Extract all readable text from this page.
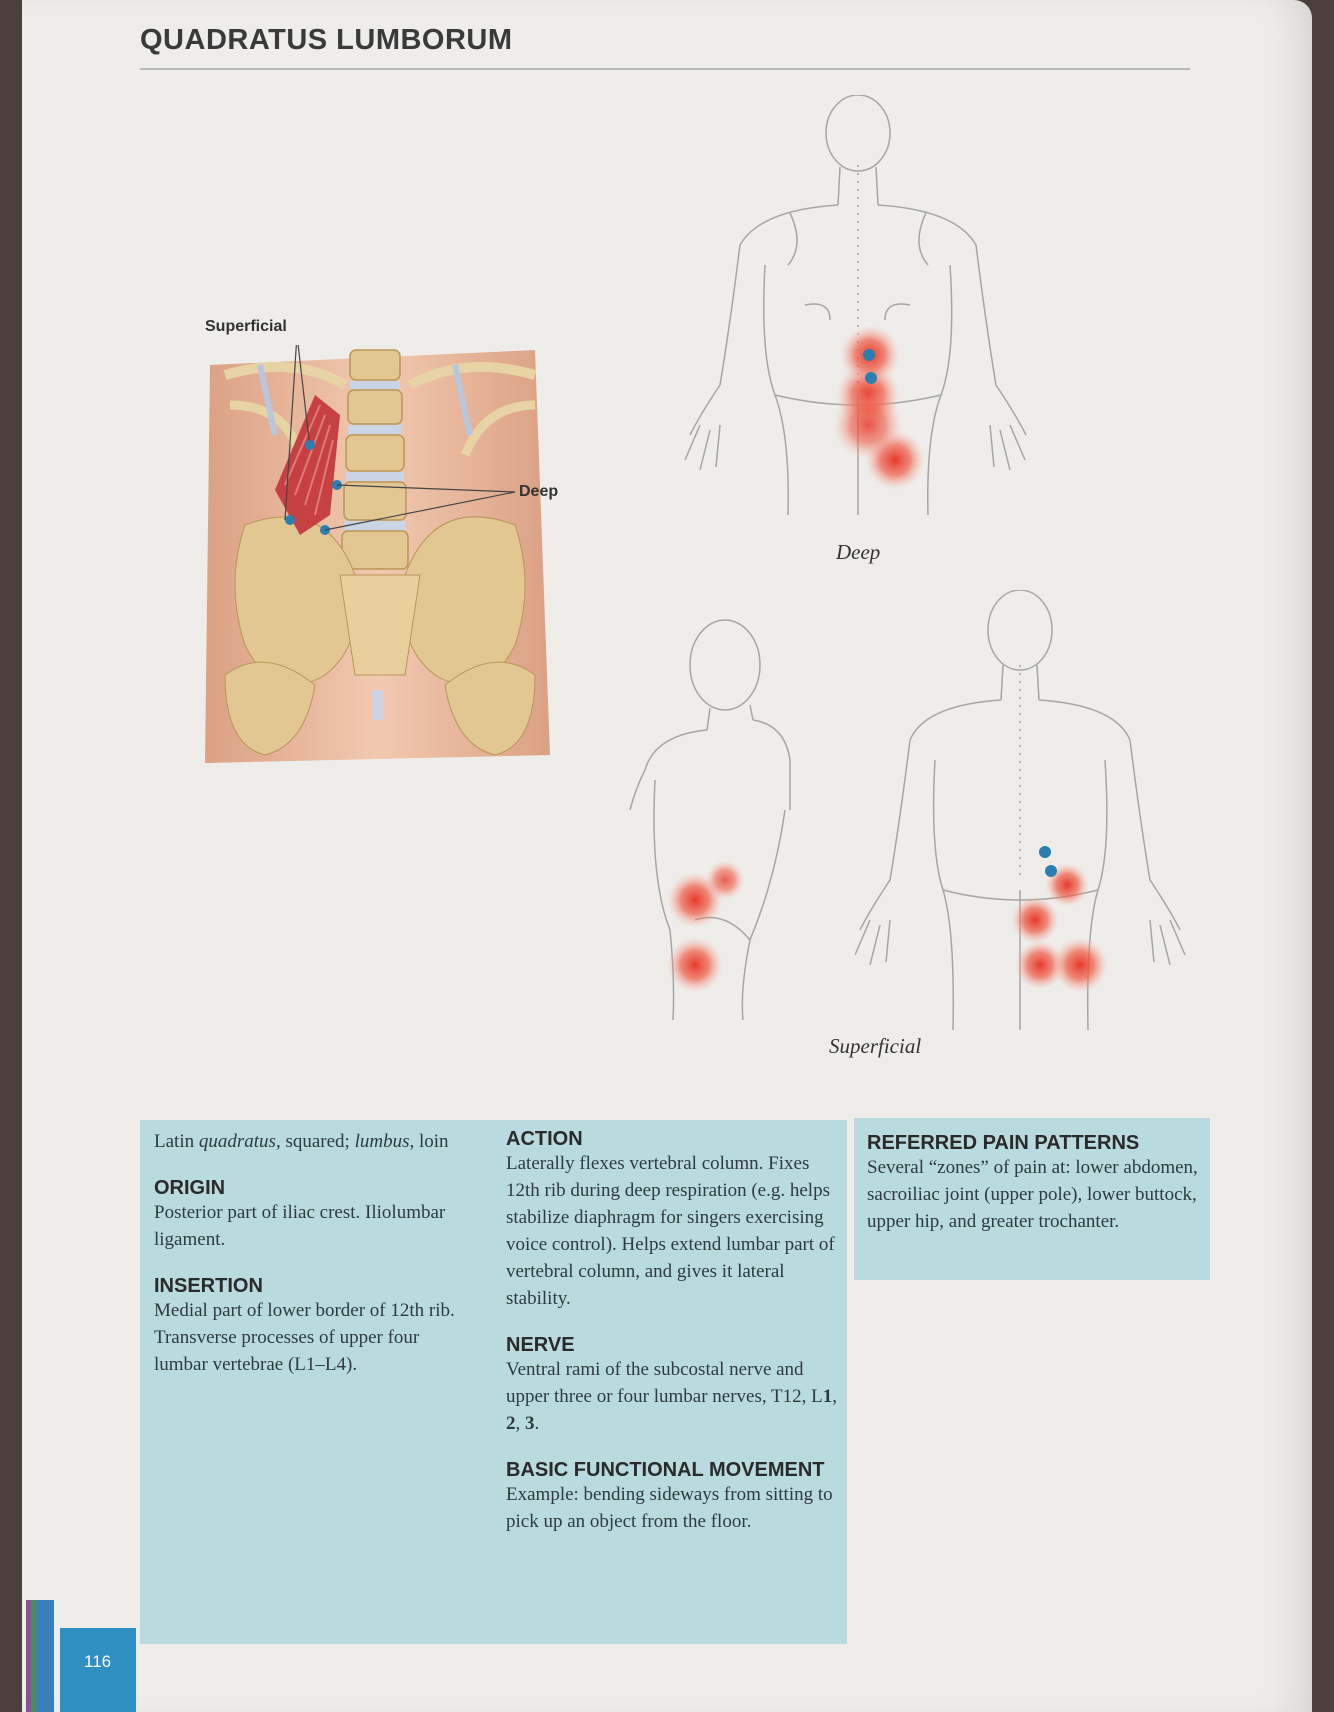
QUADRATUS LUMBORUM
Superficial
Deep
Deep
Superficial

Latin quadratus, squared; lumbus, loin

ORIGIN

Posterior part of iliac crest. Iliolumbar ligament.

INSERTION

Medial part of lower border of 12th rib. Transverse processes of upper four lumbar vertebrae (L1–L4).

ACTION

Laterally flexes vertebral column. Fixes 12th rib during deep respiration (e.g. helps stabilize diaphragm for singers exercising voice control). Helps extend lumbar part of vertebral column, and gives it lateral stability.

NERVE

Ventral rami of the subcostal nerve and upper three or four lumbar nerves, T12, L1, 2, 3.

BASIC FUNCTIONAL MOVEMENT

Example: bending sideways from sitting to pick up an object from the floor.

REFERRED PAIN PATTERNS

Several “zones” of pain at: lower abdomen, sacroiliac joint (upper pole), lower buttock, upper hip, and greater trochanter.

116
